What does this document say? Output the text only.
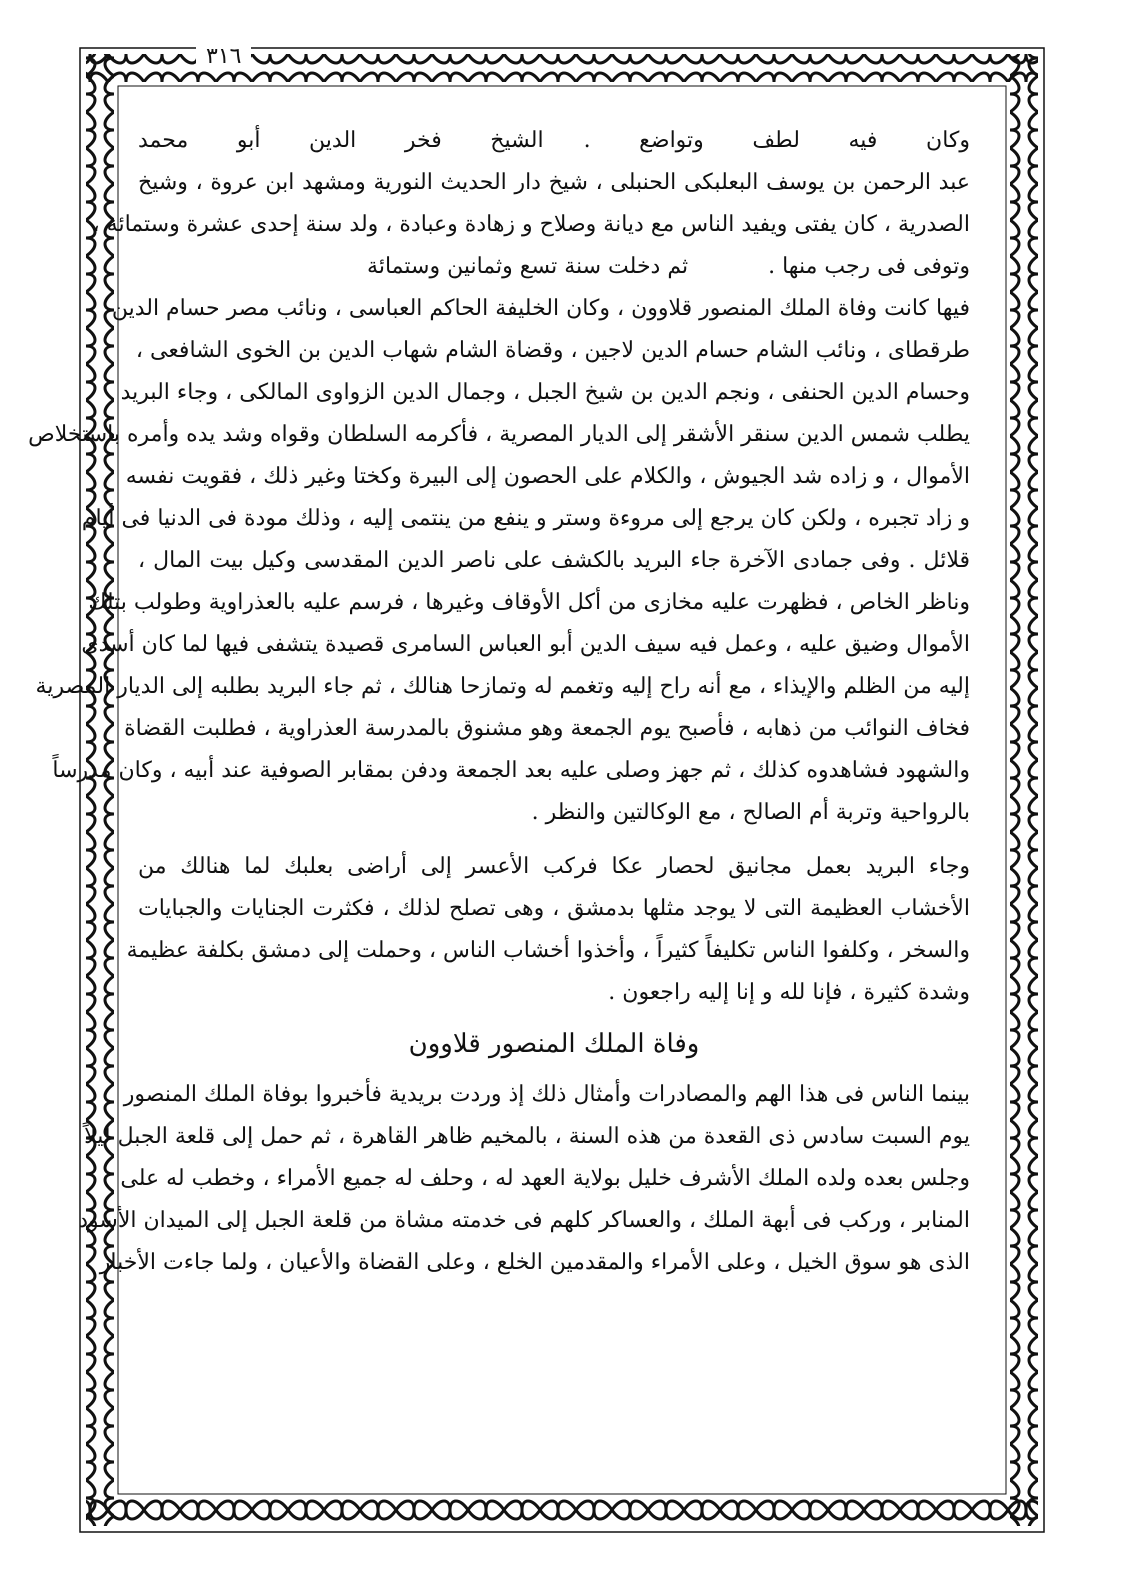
٣١٦
وكان فيه لطف وتواضع .الشيخ فخر الدين أبو محمد
عبد الرحمن بن يوسف البعلبكى الحنبلى ، شيخ دار الحديث النورية ومشهد ابن عروة ، وشيخ
الصدرية ، كان يفتى ويفيد الناس مع ديانة وصلاح و زهادة وعبادة ، ولد سنة إحدى عشرة وستمائة ،
وتوفى فى رجب منها .ثم دخلت سنة تسع وثمانين وستمائة
فيها كانت وفاة الملك المنصور قلاوون ، وكان الخليفة الحاكم العباسى ، ونائب مصر حسام الدين
طرقطاى ، ونائب الشام حسام الدين لاجين ، وقضاة الشام شهاب الدين بن الخوى الشافعى ،
وحسام الدين الحنفى ، ونجم الدين بن شيخ الجبل ، وجمال الدين الزواوى المالكى ، وجاء البريد
يطلب شمس الدين سنقر الأشقر إلى الديار المصرية ، فأكرمه السلطان وقواه وشد يده وأمره باستخلاص
الأموال ، و زاده شد الجيوش ، والكلام على الحصون إلى البيرة وكختا وغير ذلك ، فقويت نفسه
و زاد تجبره ، ولكن كان يرجع إلى مروءة وستر و ينفع من ينتمى إليه ، وذلك مودة فى الدنيا فى أيام
قلائل . وفى جمادى الآخرة جاء البريد بالكشف على ناصر الدين المقدسى وكيل بيت المال ،
وناظر الخاص ، فظهرت عليه مخازى من أكل الأوقاف وغيرها ، فرسم عليه بالعذراوية وطولب بتلك
الأموال وضيق عليه ، وعمل فيه سيف الدين أبو العباس السامرى قصيدة يتشفى فيها لما كان أسدى
إليه من الظلم والإيذاء ، مع أنه راح إليه وتغمم له وتمازحا هنالك ، ثم جاء البريد بطلبه إلى الديار المصرية
فخاف النوائب من ذهابه ، فأصبح يوم الجمعة وهو مشنوق بالمدرسة العذراوية ، فطلبت القضاة
والشهود فشاهدوه كذلك ، ثم جهز وصلى عليه بعد الجمعة ودفن بمقابر الصوفية عند أبيه ، وكان مدرساً
بالرواحية وتربة أم الصالح ، مع الوكالتين والنظر .
وجاء البريد بعمل مجانيق لحصار عكا فركب الأعسر إلى أراضى بعلبك لما هنالك من
الأخشاب العظيمة التى لا يوجد مثلها بدمشق ، وهى تصلح لذلك ، فكثرت الجنايات والجبايات
والسخر ، وكلفوا الناس تكليفاً كثيراً ، وأخذوا أخشاب الناس ، وحملت إلى دمشق بكلفة عظيمة
وشدة كثيرة ، فإنا لله و إنا إليه راجعون .
وفاة الملك المنصور قلاوون
بينما الناس فى هذا الهم والمصادرات وأمثال ذلك إذ وردت بريدية فأخبروا بوفاة الملك المنصور
يوم السبت سادس ذى القعدة من هذه السنة ، بالمخيم ظاهر القاهرة ، ثم حمل إلى قلعة الجبل ليلاً
وجلس بعده ولده الملك الأشرف خليل بولاية العهد له ، وحلف له جميع الأمراء ، وخطب له على
المنابر ، وركب فى أبهة الملك ، والعساكر كلهم فى خدمته مشاة من قلعة الجبل إلى الميدان الأسود
الذى هو سوق الخيل ، وعلى الأمراء والمقدمين الخلع ، وعلى القضاة والأعيان ، ولما جاءت الأخبار
